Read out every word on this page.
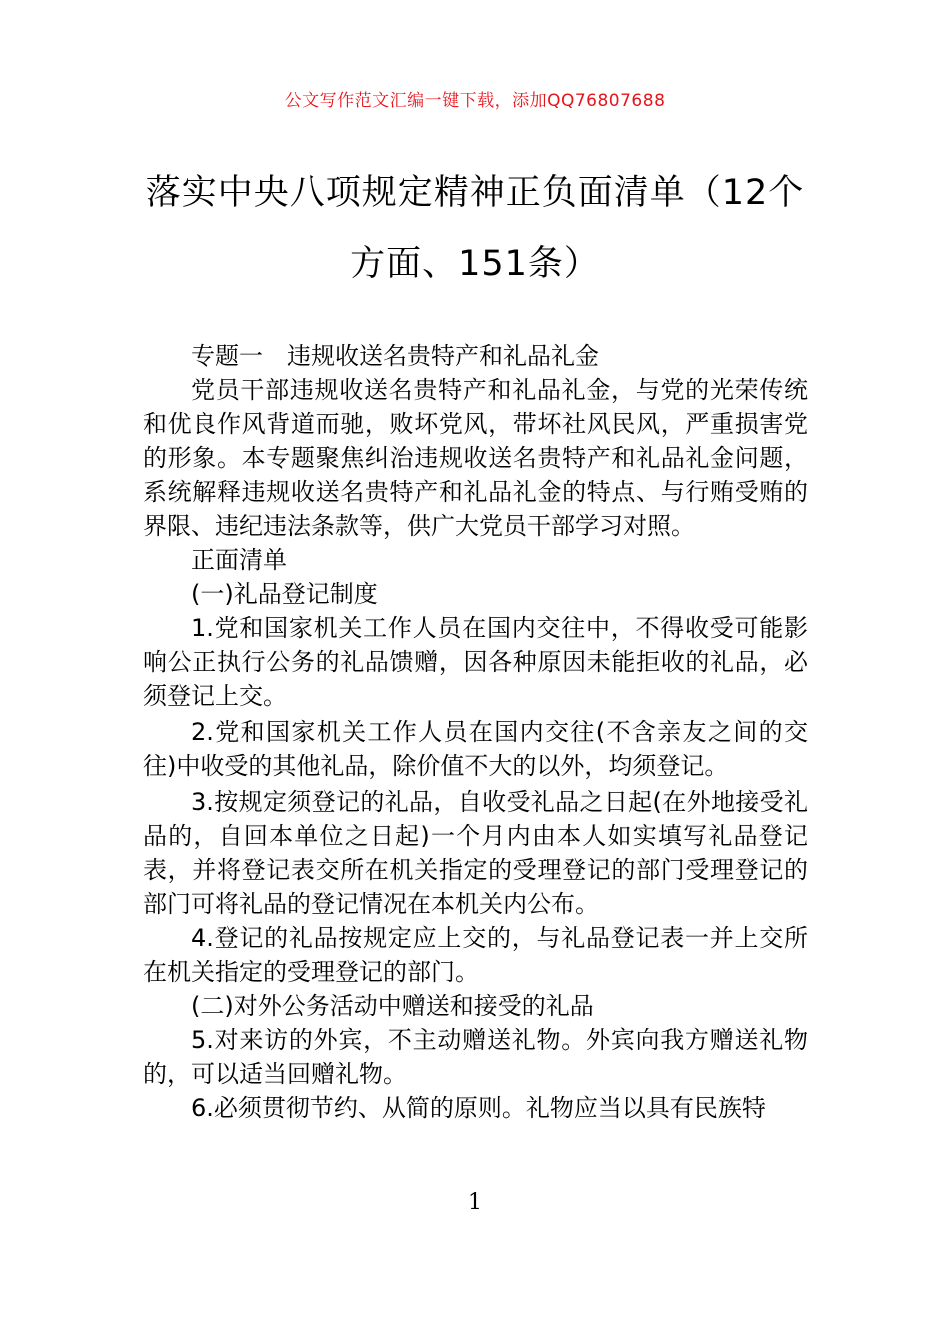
公文写作范文汇编一键下载，添加QQ76807688
落实中央八项规定精神正负面清单（12个
方面、151条）

专题一　违规收送名贵特产和礼品礼金

党员干部违规收送名贵特产和礼品礼金，与党的光荣传统和优良作风背道而驰，败坏党风，带坏社风民风，严重损害党的形象。本专题聚焦纠治违规收送名贵特产和礼品礼金问题，系统解释违规收送名贵特产和礼品礼金的特点、与行贿受贿的界限、违纪违法条款等，供广大党员干部学习对照。

正面清单

(一)礼品登记制度

1.党和国家机关工作人员在国内交往中，不得收受可能影响公正执行公务的礼品馈赠，因各种原因未能拒收的礼品，必须登记上交。

2.党和国家机关工作人员在国内交往(不含亲友之间的交往)中收受的其他礼品，除价值不大的以外，均须登记。

3.按规定须登记的礼品，自收受礼品之日起(在外地接受礼品的，自回本单位之日起)一个月内由本人如实填写礼品登记表，并将登记表交所在机关指定的受理登记的部门受理登记的部门可将礼品的登记情况在本机关内公布。

4.登记的礼品按规定应上交的，与礼品登记表一并上交所在机关指定的受理登记的部门。

(二)对外公务活动中赠送和接受的礼品

5.对来访的外宾，不主动赠送礼物。外宾向我方赠送礼物的，可以适当回赠礼物。

6.必须贯彻节约、从简的原则。礼物应当以具有民族特

1
